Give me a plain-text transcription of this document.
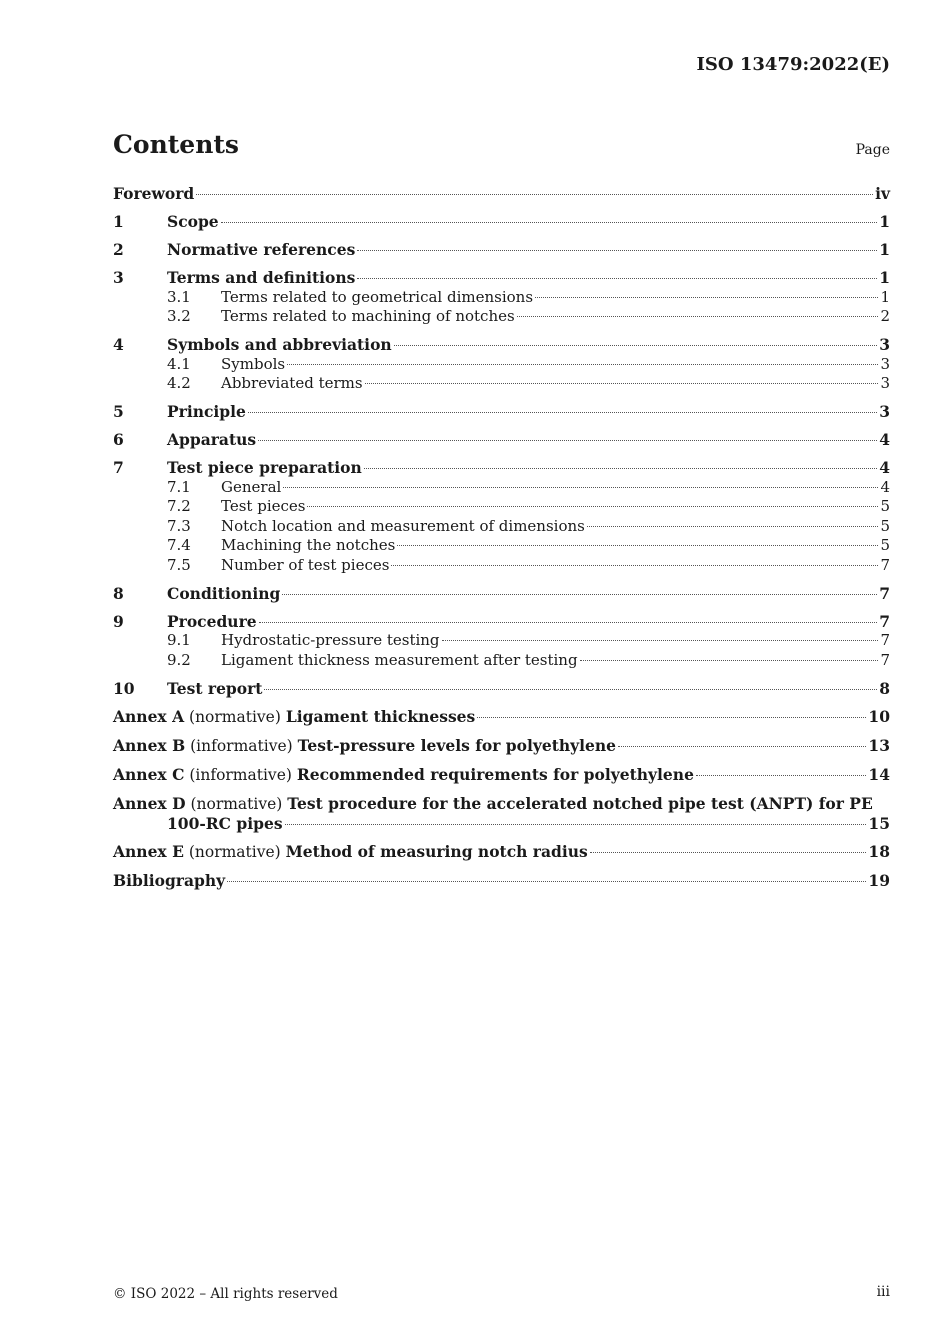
ISO 13479:2022(E)
Contents	Page
Foreword	iv
1	Scope	1
2	Normative references	1
3	Terms and definitions	1
3.1	Terms related to geometrical dimensions	1
3.2	Terms related to machining of notches	2
4	Symbols and abbreviation	3
4.1	Symbols	3
4.2	Abbreviated terms	3
5	Principle	3
6	Apparatus	4
7	Test piece preparation	4
7.1	General	4
7.2	Test pieces	5
7.3	Notch location and measurement of dimensions	5
7.4	Machining the notches	5
7.5	Number of test pieces	7
8	Conditioning	7
9	Procedure	7
9.1	Hydrostatic-pressure testing	7
9.2	Ligament thickness measurement after testing	7
10	Test report	8
Annex A (normative) Ligament thicknesses	10
Annex B (informative) Test-pressure levels for polyethylene	13
Annex C (informative) Recommended requirements for polyethylene	14
Annex D (normative) Test procedure for the accelerated notched pipe test (ANPT) for PE
100-RC pipes	15
Annex E (normative) Method of measuring notch radius	18
Bibliography	19
© ISO 2022 – All rights reserved	iii
